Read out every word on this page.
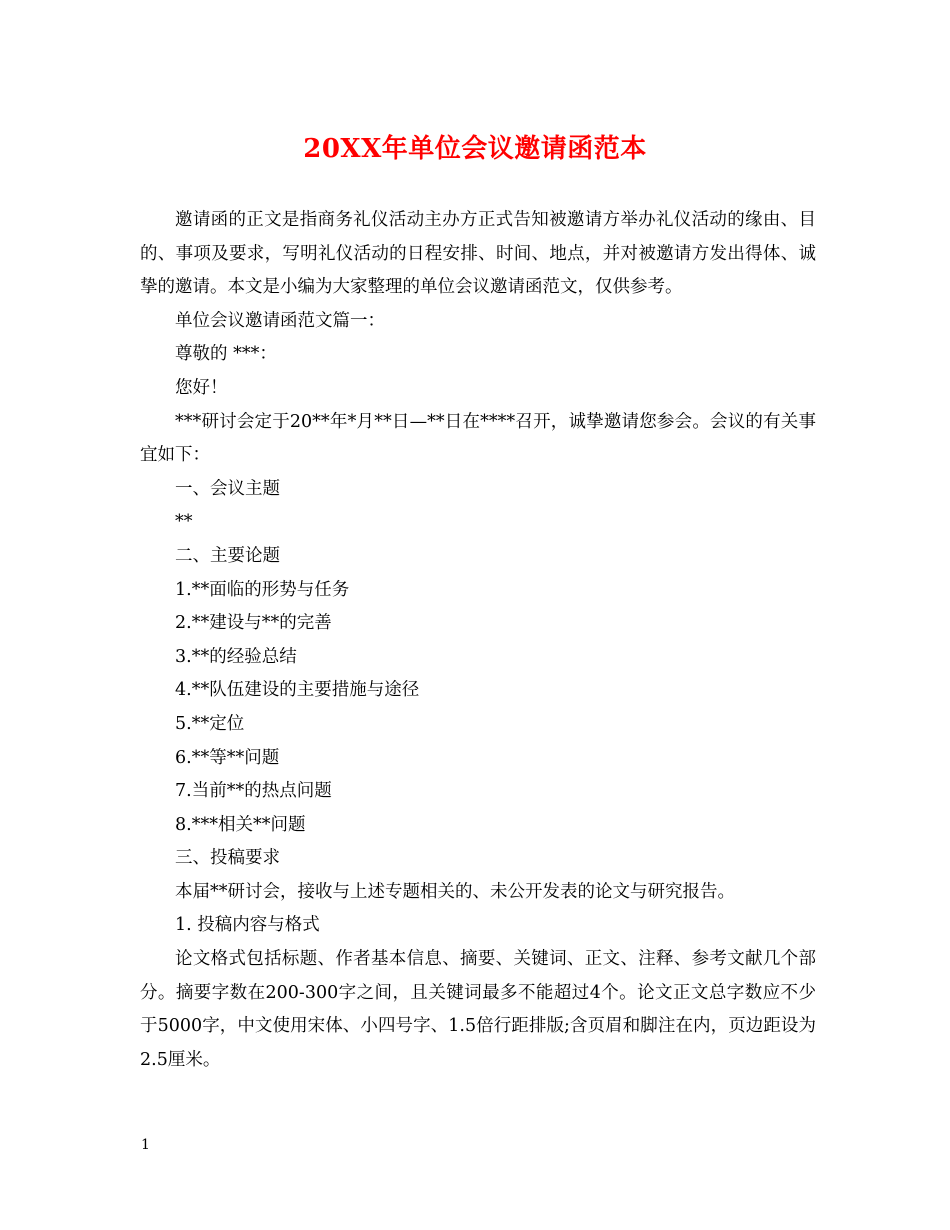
20XX年单位会议邀请函范本

邀请函的正文是指商务礼仪活动主办方正式告知被邀请方举办礼仪活动的缘由、目的、事项及要求，写明礼仪活动的日程安排、时间、地点，并对被邀请方发出得体、诚挚的邀请。本文是小编为大家整理的单位会议邀请函范文，仅供参考。

单位会议邀请函范文篇一：

尊敬的 ***：

您好！

***研讨会定于20**年*月**日—**日在****召开，诚挚邀请您参会。会议的有关事宜如下：

一、会议主题

**

二、主要论题

1.**面临的形势与任务

2.**建设与**的完善

3.**的经验总结

4.**队伍建设的主要措施与途径

5.**定位

6.**等**问题

7.当前**的热点问题

8.***相关**问题

三、投稿要求

本届**研讨会，接收与上述专题相关的、未公开发表的论文与研究报告。

1. 投稿内容与格式

论文格式包括标题、作者基本信息、摘要、关键词、正文、注释、参考文献几个部分。摘要字数在200-300字之间，且关键词最多不能超过4个。论文正文总字数应不少于5000字，中文使用宋体、小四号字、1.5倍行距排版;含页眉和脚注在内，页边距设为2.5厘米。

1
